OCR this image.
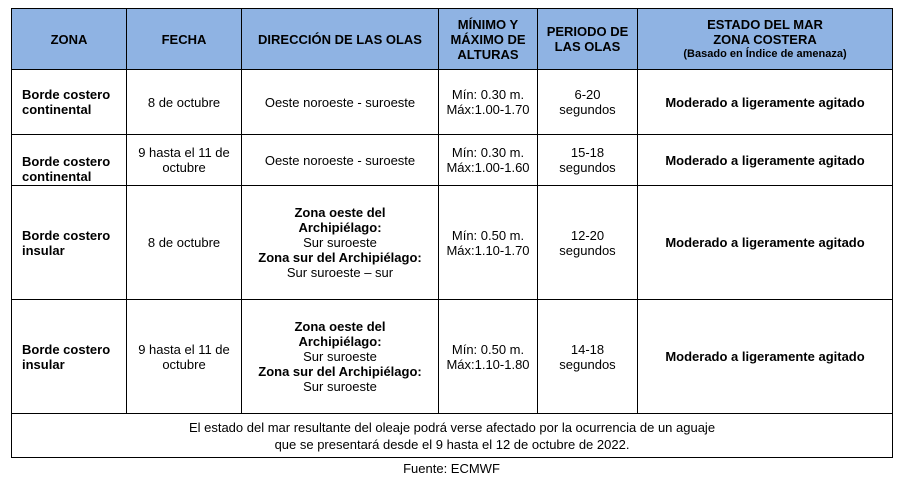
ZONA	FECHA	DIRECCIÓN DE LAS OLAS	MÍNIMO Y
MÁXIMO DE
ALTURAS	PERIODO DE
LAS OLAS	ESTADO DEL MAR
ZONA COSTERA
(Basado en Índice de amenaza)

Borde costero
continental	8 de octubre	Oeste noroeste - suroeste	Mín: 0.30 m.
Máx:1.00-1.70	6-20
segundos	Moderado a ligeramente agitado

Borde costero
continental	9 hasta el 11 de
octubre	Oeste noroeste - suroeste	Mín: 0.30 m.
Máx:1.00-1.60	15-18
segundos	Moderado a ligeramente agitado

Borde costero
insular	8 de octubre	Zona oeste del
Archipiélago:
Sur suroeste
Zona sur del Archipiélago:
Sur suroeste – sur	Mín: 0.50 m.
Máx:1.10-1.70	12-20
segundos	Moderado a ligeramente agitado

Borde costero
insular	9 hasta el 11 de
octubre	Zona oeste del
Archipiélago:
Sur suroeste
Zona sur del Archipiélago:
Sur suroeste	Mín: 0.50 m.
Máx:1.10-1.80	14-18
segundos	Moderado a ligeramente agitado

El estado del mar resultante del oleaje podrá verse afectado por la ocurrencia de un aguaje
que se presentará desde el 9 hasta el 12 de octubre de 2022.					
Fuente: ECMWF
